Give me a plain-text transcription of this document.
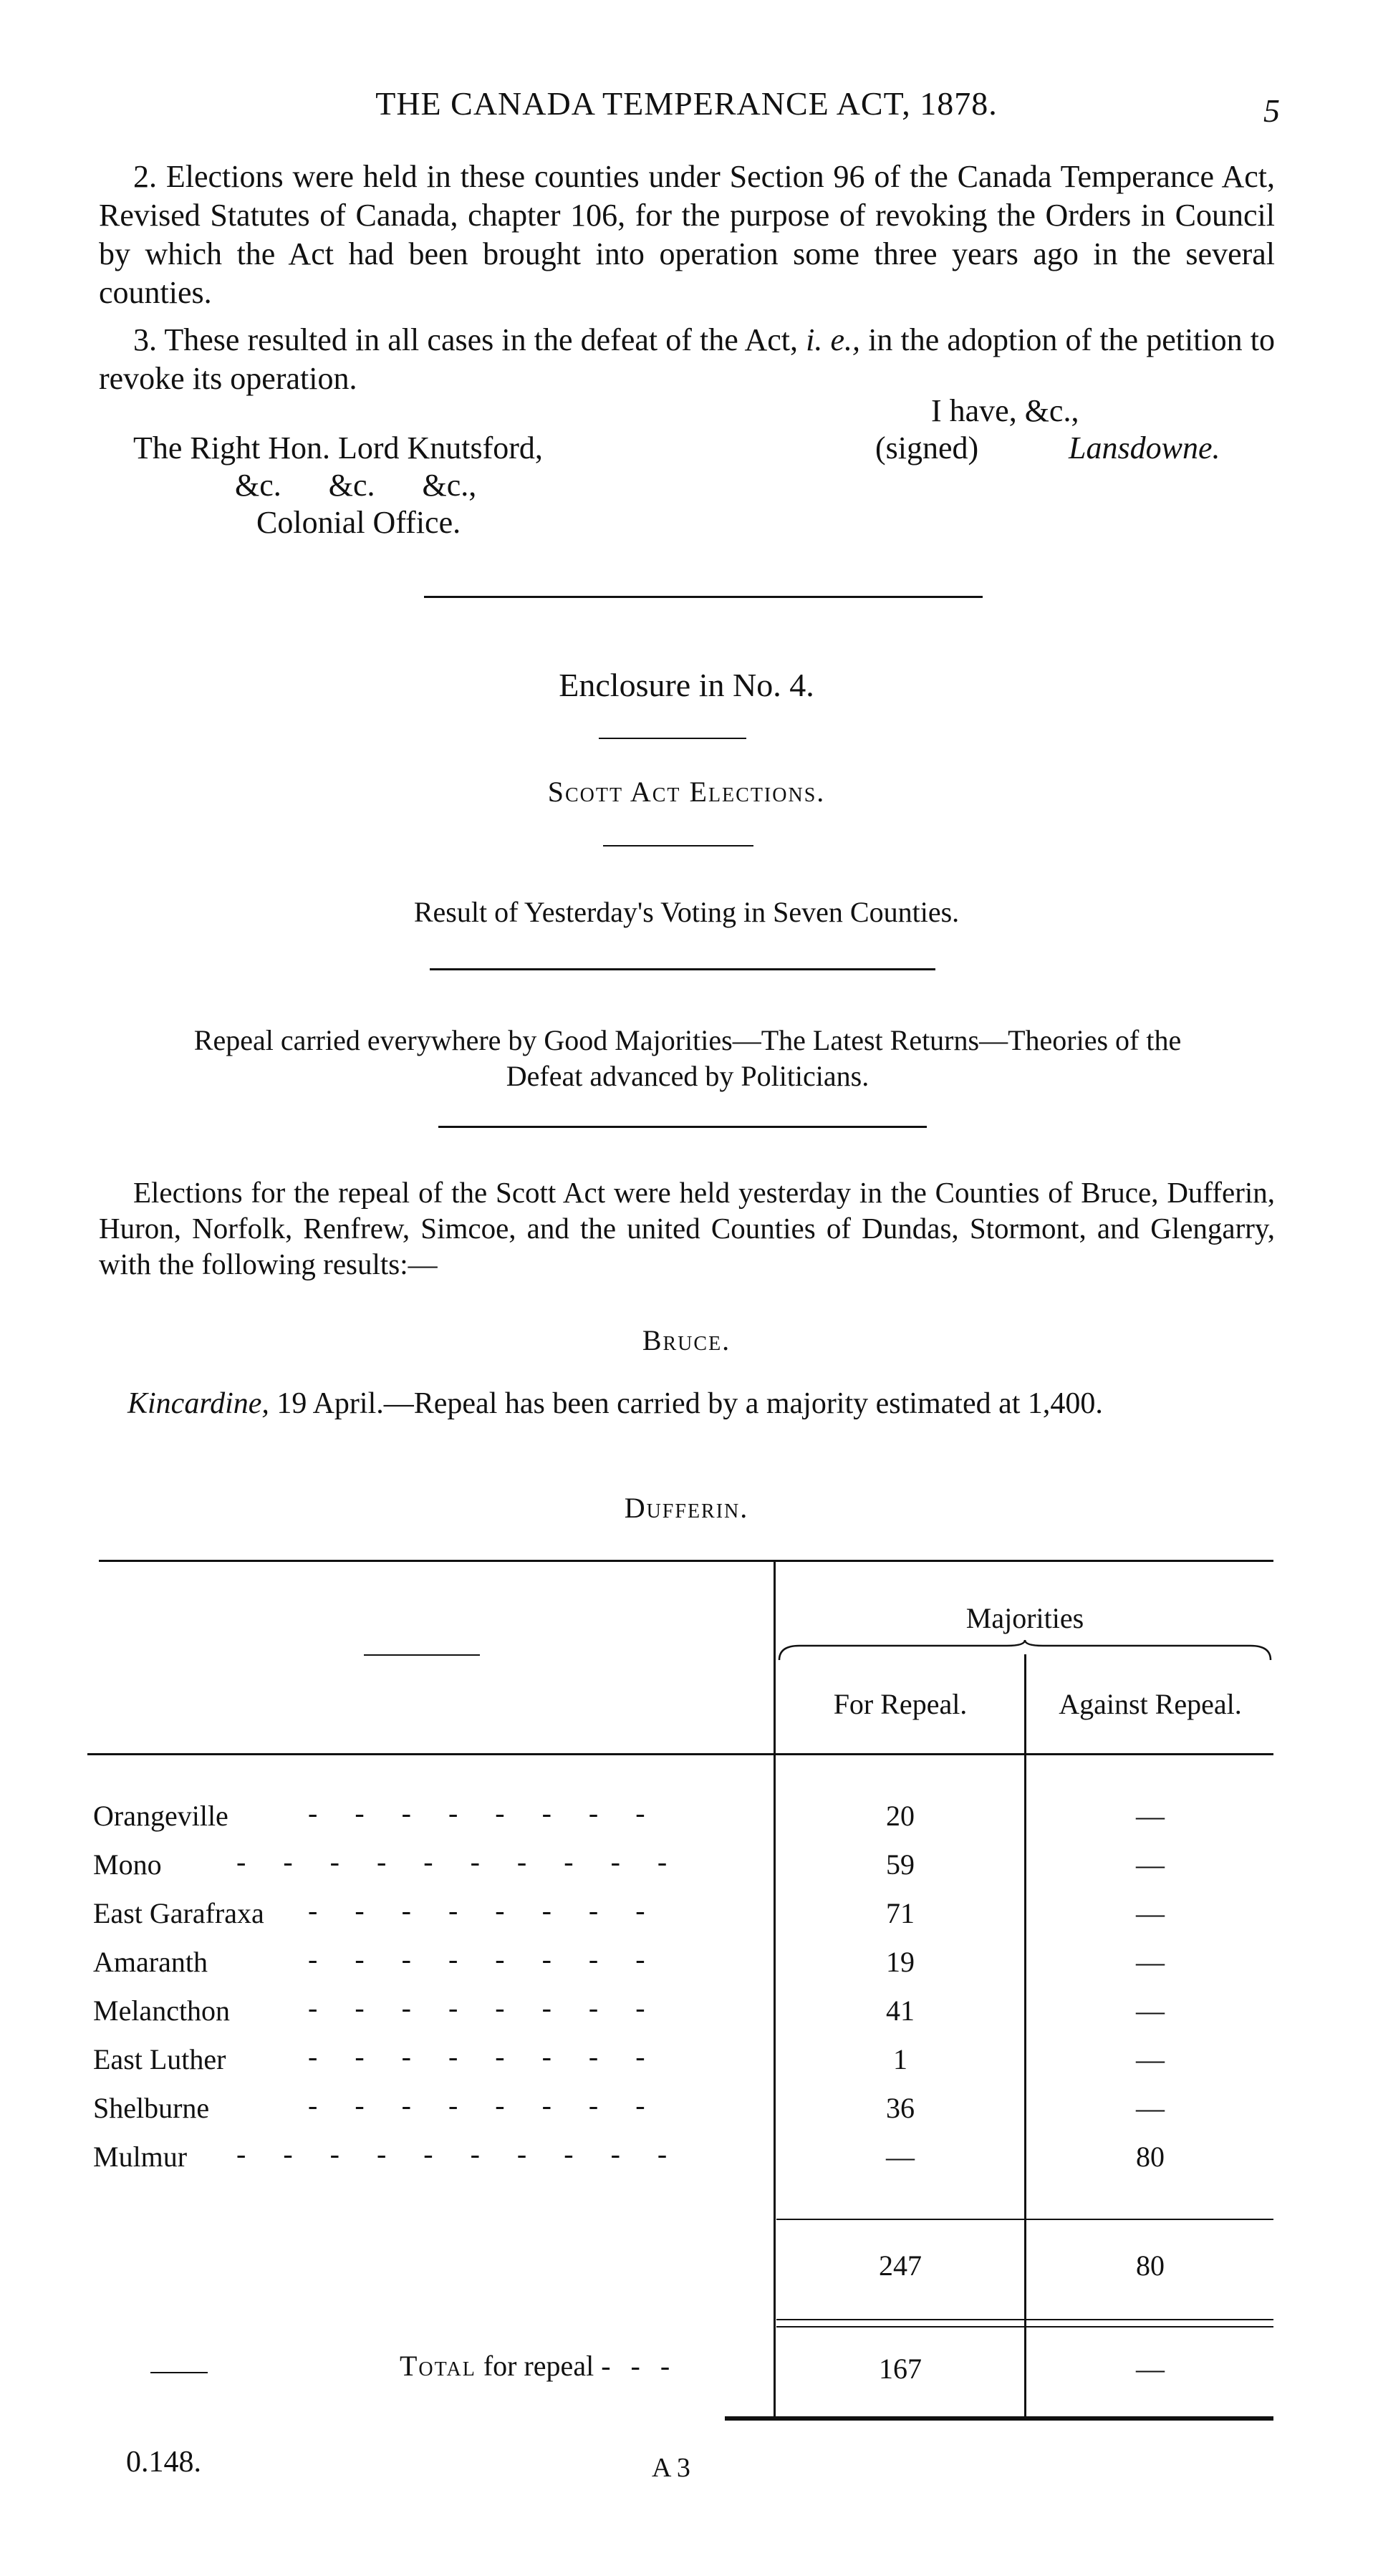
THE CANADA TEMPERANCE ACT, 1878.	5
2. Elections were held in these counties under Section 96 of the Canada Temperance Act, Revised Statutes of Canada, chapter 106, for the purpose of revoking the Orders in Council by which the Act had been brought into operation some three years ago in the several counties.
3. These resulted in all cases in the defeat of the Act, i. e., in the adoption of the petition to revoke its operation.
I have, &c.,
(signed)	Lansdowne.
The Right Hon. Lord Knutsford,
&c.      &c.      &c.,
Colonial Office.
Enclosure in No. 4.
Scott Act Elections.
Result of Yesterday's Voting in Seven Counties.
Repeal carried everywhere by Good Majorities—The Latest Returns—Theories of the
Defeat advanced by Politicians.
Elections for the repeal of the Scott Act were held yesterday in the Counties of Bruce, Dufferin, Huron, Norfolk, Renfrew, Simcoe, and the united Counties of Dundas, Stormont, and Glengarry, with the following results:—
Bruce.
Kincardine, 19 April.—Repeal has been carried by a majority estimated at 1,400.
Dufferin.
Majorities
For Repeal.	Against Repeal.
Orangeville	- - - - - - - -	20	—
Mono	- - - - - - - - - -	59	—
East Garafraxa - - - - - - - -	71	—
Amaranth	- - - - - - - -	19	—
Melancthon	- - - - - - - -	41	—
East Luther	- - - - - - - -	1	—
Shelburne	- - - - - - - -	36	—
Mulmur - - - - - - - - - -	—	80
247	80
Total for repeal - - -	167	—
0.148.	A 3
